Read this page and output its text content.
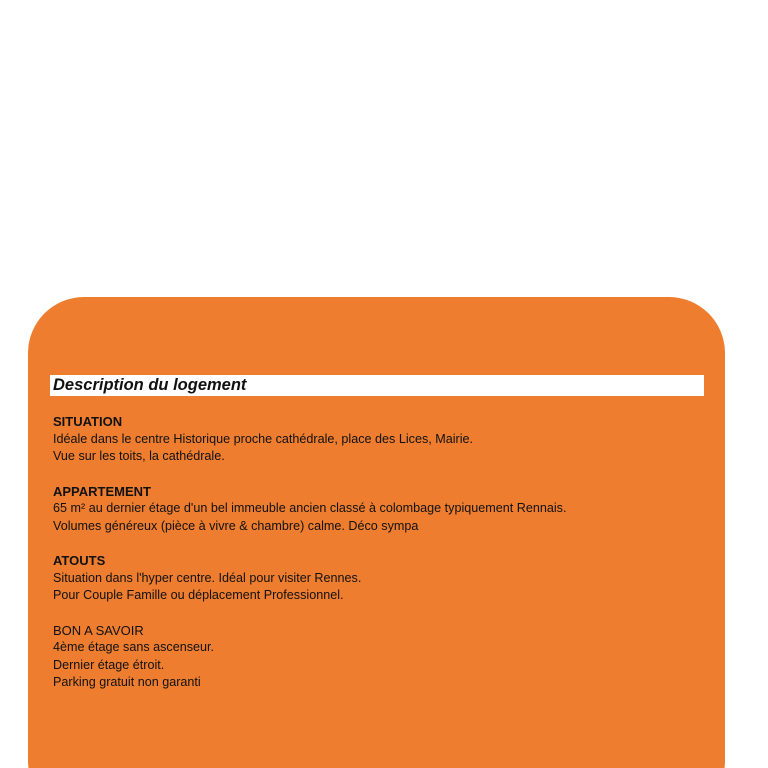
Description du logement
SITUATION
Idéale dans le centre Historique proche cathédrale, place des Lices, Mairie.
Vue sur les toits, la cathédrale.
APPARTEMENT
65 m² au dernier étage d'un bel immeuble ancien classé à colombage typiquement Rennais.
Volumes généreux (pièce à vivre & chambre) calme. Déco sympa
ATOUTS
Situation dans l'hyper centre. Idéal pour visiter Rennes.
Pour Couple Famille ou déplacement Professionnel.
BON A SAVOIR
4ème étage sans ascenseur.
Dernier étage étroit.
Parking gratuit non garanti
